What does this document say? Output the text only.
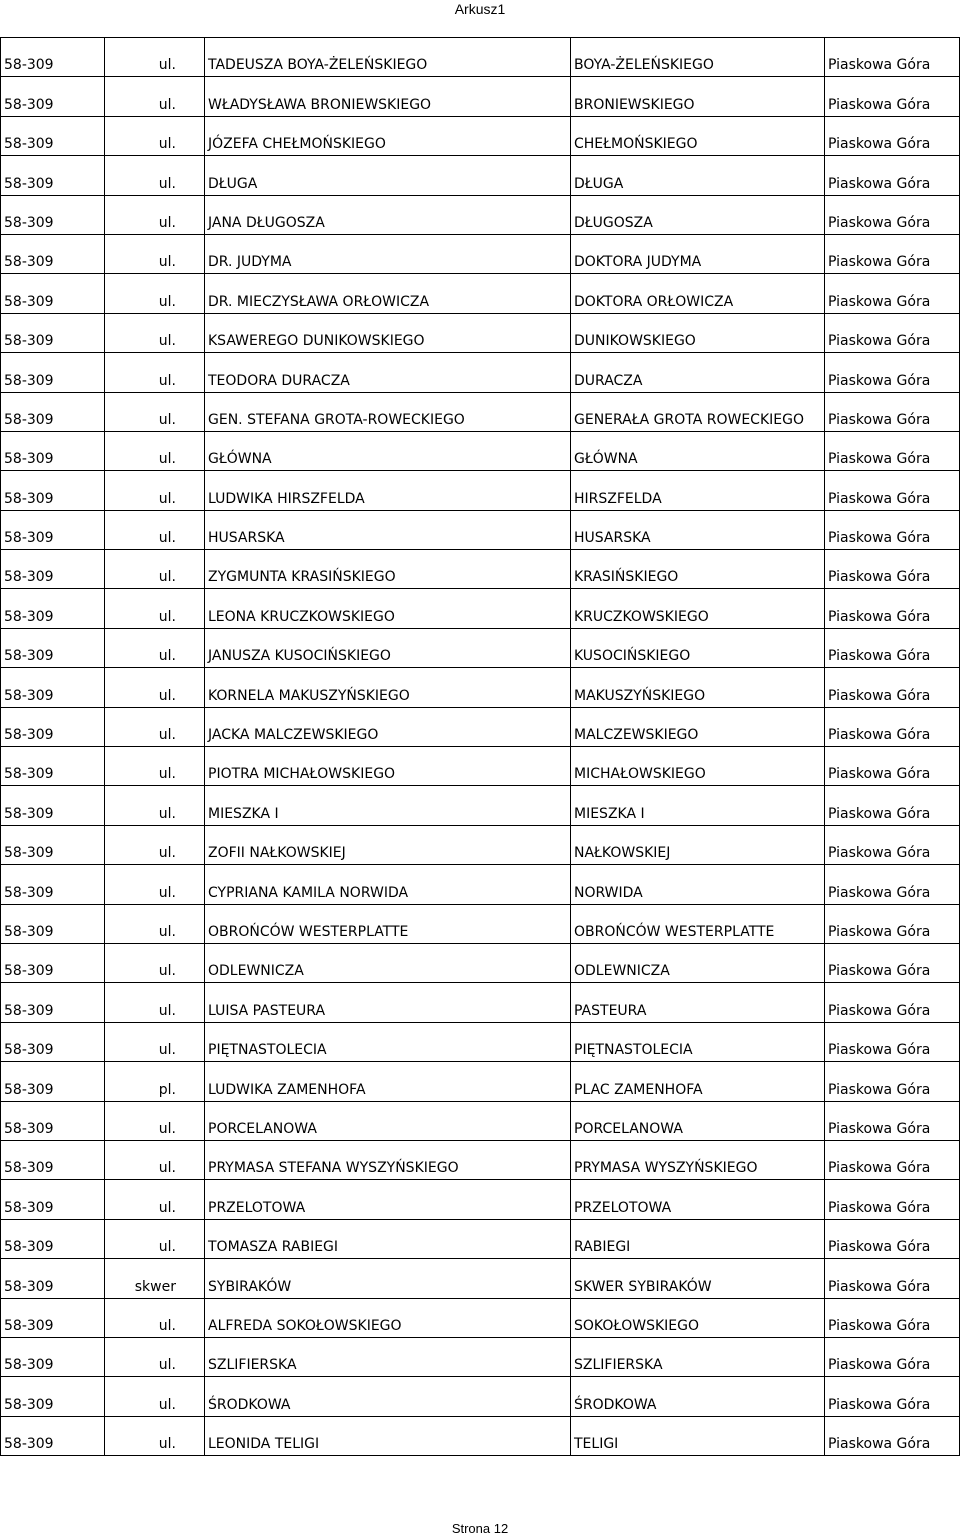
Arkusz1
58-309	ul.	TADEUSZA BOYA-ŻELEŃSKIEGO	BOYA-ŻELEŃSKIEGO	Piaskowa Góra
58-309	ul.	WŁADYSŁAWA BRONIEWSKIEGO	BRONIEWSKIEGO	Piaskowa Góra
58-309	ul.	JÓZEFA CHEŁMOŃSKIEGO	CHEŁMOŃSKIEGO	Piaskowa Góra
58-309	ul.	DŁUGA	DŁUGA	Piaskowa Góra
58-309	ul.	JANA DŁUGOSZA	DŁUGOSZA	Piaskowa Góra
58-309	ul.	DR. JUDYMA	DOKTORA JUDYMA	Piaskowa Góra
58-309	ul.	DR. MIECZYSŁAWA ORŁOWICZA	DOKTORA ORŁOWICZA	Piaskowa Góra
58-309	ul.	KSAWEREGO DUNIKOWSKIEGO	DUNIKOWSKIEGO	Piaskowa Góra
58-309	ul.	TEODORA DURACZA	DURACZA	Piaskowa Góra
58-309	ul.	GEN. STEFANA GROTA-ROWECKIEGO	GENERAŁA GROTA ROWECKIEGO	Piaskowa Góra
58-309	ul.	GŁÓWNA	GŁÓWNA	Piaskowa Góra
58-309	ul.	LUDWIKA HIRSZFELDA	HIRSZFELDA	Piaskowa Góra
58-309	ul.	HUSARSKA	HUSARSKA	Piaskowa Góra
58-309	ul.	ZYGMUNTA KRASIŃSKIEGO	KRASIŃSKIEGO	Piaskowa Góra
58-309	ul.	LEONA KRUCZKOWSKIEGO	KRUCZKOWSKIEGO	Piaskowa Góra
58-309	ul.	JANUSZA KUSOCIŃSKIEGO	KUSOCIŃSKIEGO	Piaskowa Góra
58-309	ul.	KORNELA MAKUSZYŃSKIEGO	MAKUSZYŃSKIEGO	Piaskowa Góra
58-309	ul.	JACKA MALCZEWSKIEGO	MALCZEWSKIEGO	Piaskowa Góra
58-309	ul.	PIOTRA MICHAŁOWSKIEGO	MICHAŁOWSKIEGO	Piaskowa Góra
58-309	ul.	MIESZKA I	MIESZKA I	Piaskowa Góra
58-309	ul.	ZOFII NAŁKOWSKIEJ	NAŁKOWSKIEJ	Piaskowa Góra
58-309	ul.	CYPRIANA KAMILA NORWIDA	NORWIDA	Piaskowa Góra
58-309	ul.	OBROŃCÓW WESTERPLATTE	OBROŃCÓW WESTERPLATTE	Piaskowa Góra
58-309	ul.	ODLEWNICZA	ODLEWNICZA	Piaskowa Góra
58-309	ul.	LUISA PASTEURA	PASTEURA	Piaskowa Góra
58-309	ul.	PIĘTNASTOLECIA	PIĘTNASTOLECIA	Piaskowa Góra
58-309	pl.	LUDWIKA ZAMENHOFA	PLAC ZAMENHOFA	Piaskowa Góra
58-309	ul.	PORCELANOWA	PORCELANOWA	Piaskowa Góra
58-309	ul.	PRYMASA STEFANA WYSZYŃSKIEGO	PRYMASA WYSZYŃSKIEGO	Piaskowa Góra
58-309	ul.	PRZELOTOWA	PRZELOTOWA	Piaskowa Góra
58-309	ul.	TOMASZA RABIEGI	RABIEGI	Piaskowa Góra
58-309	skwer	SYBIRAKÓW	SKWER SYBIRAKÓW	Piaskowa Góra
58-309	ul.	ALFREDA SOKOŁOWSKIEGO	SOKOŁOWSKIEGO	Piaskowa Góra
58-309	ul.	SZLIFIERSKA	SZLIFIERSKA	Piaskowa Góra
58-309	ul.	ŚRODKOWA	ŚRODKOWA	Piaskowa Góra
58-309	ul.	LEONIDA TELIGI	TELIGI	Piaskowa Góra
Strona 12
